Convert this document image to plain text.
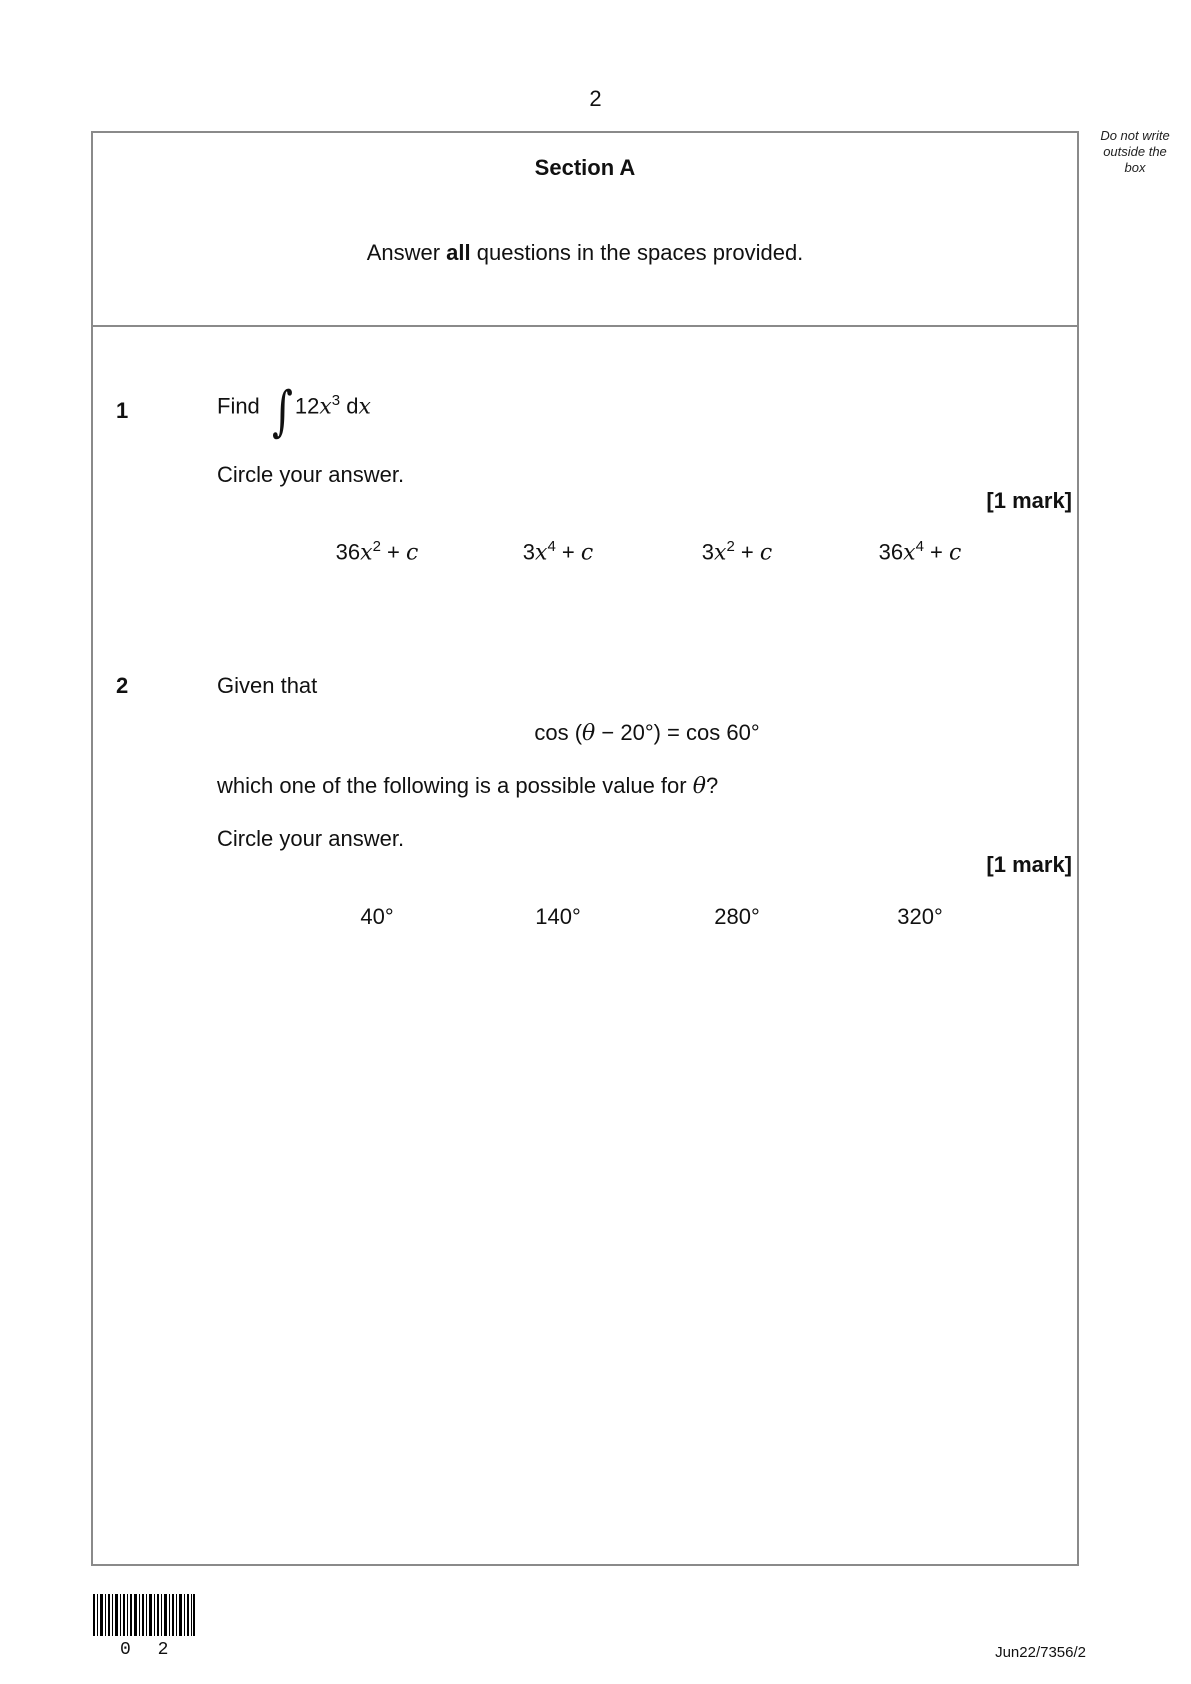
2
Do not write
outside the
box
Section A
Answer all questions in the spaces provided.
1	Find $\int 12x^3$ dx
Circle your answer.
[1 mark]
$36x^2 + c$	$3x^4 + c$	$3x^2 + c$	$36x^4 + c$
2	Given that
cos (θ − 20°) = cos 60°
which one of the following is a possible value for θ?
Circle your answer.
[1 mark]
40°	140°	280°	320°
0 2	Jun22/7356/2
